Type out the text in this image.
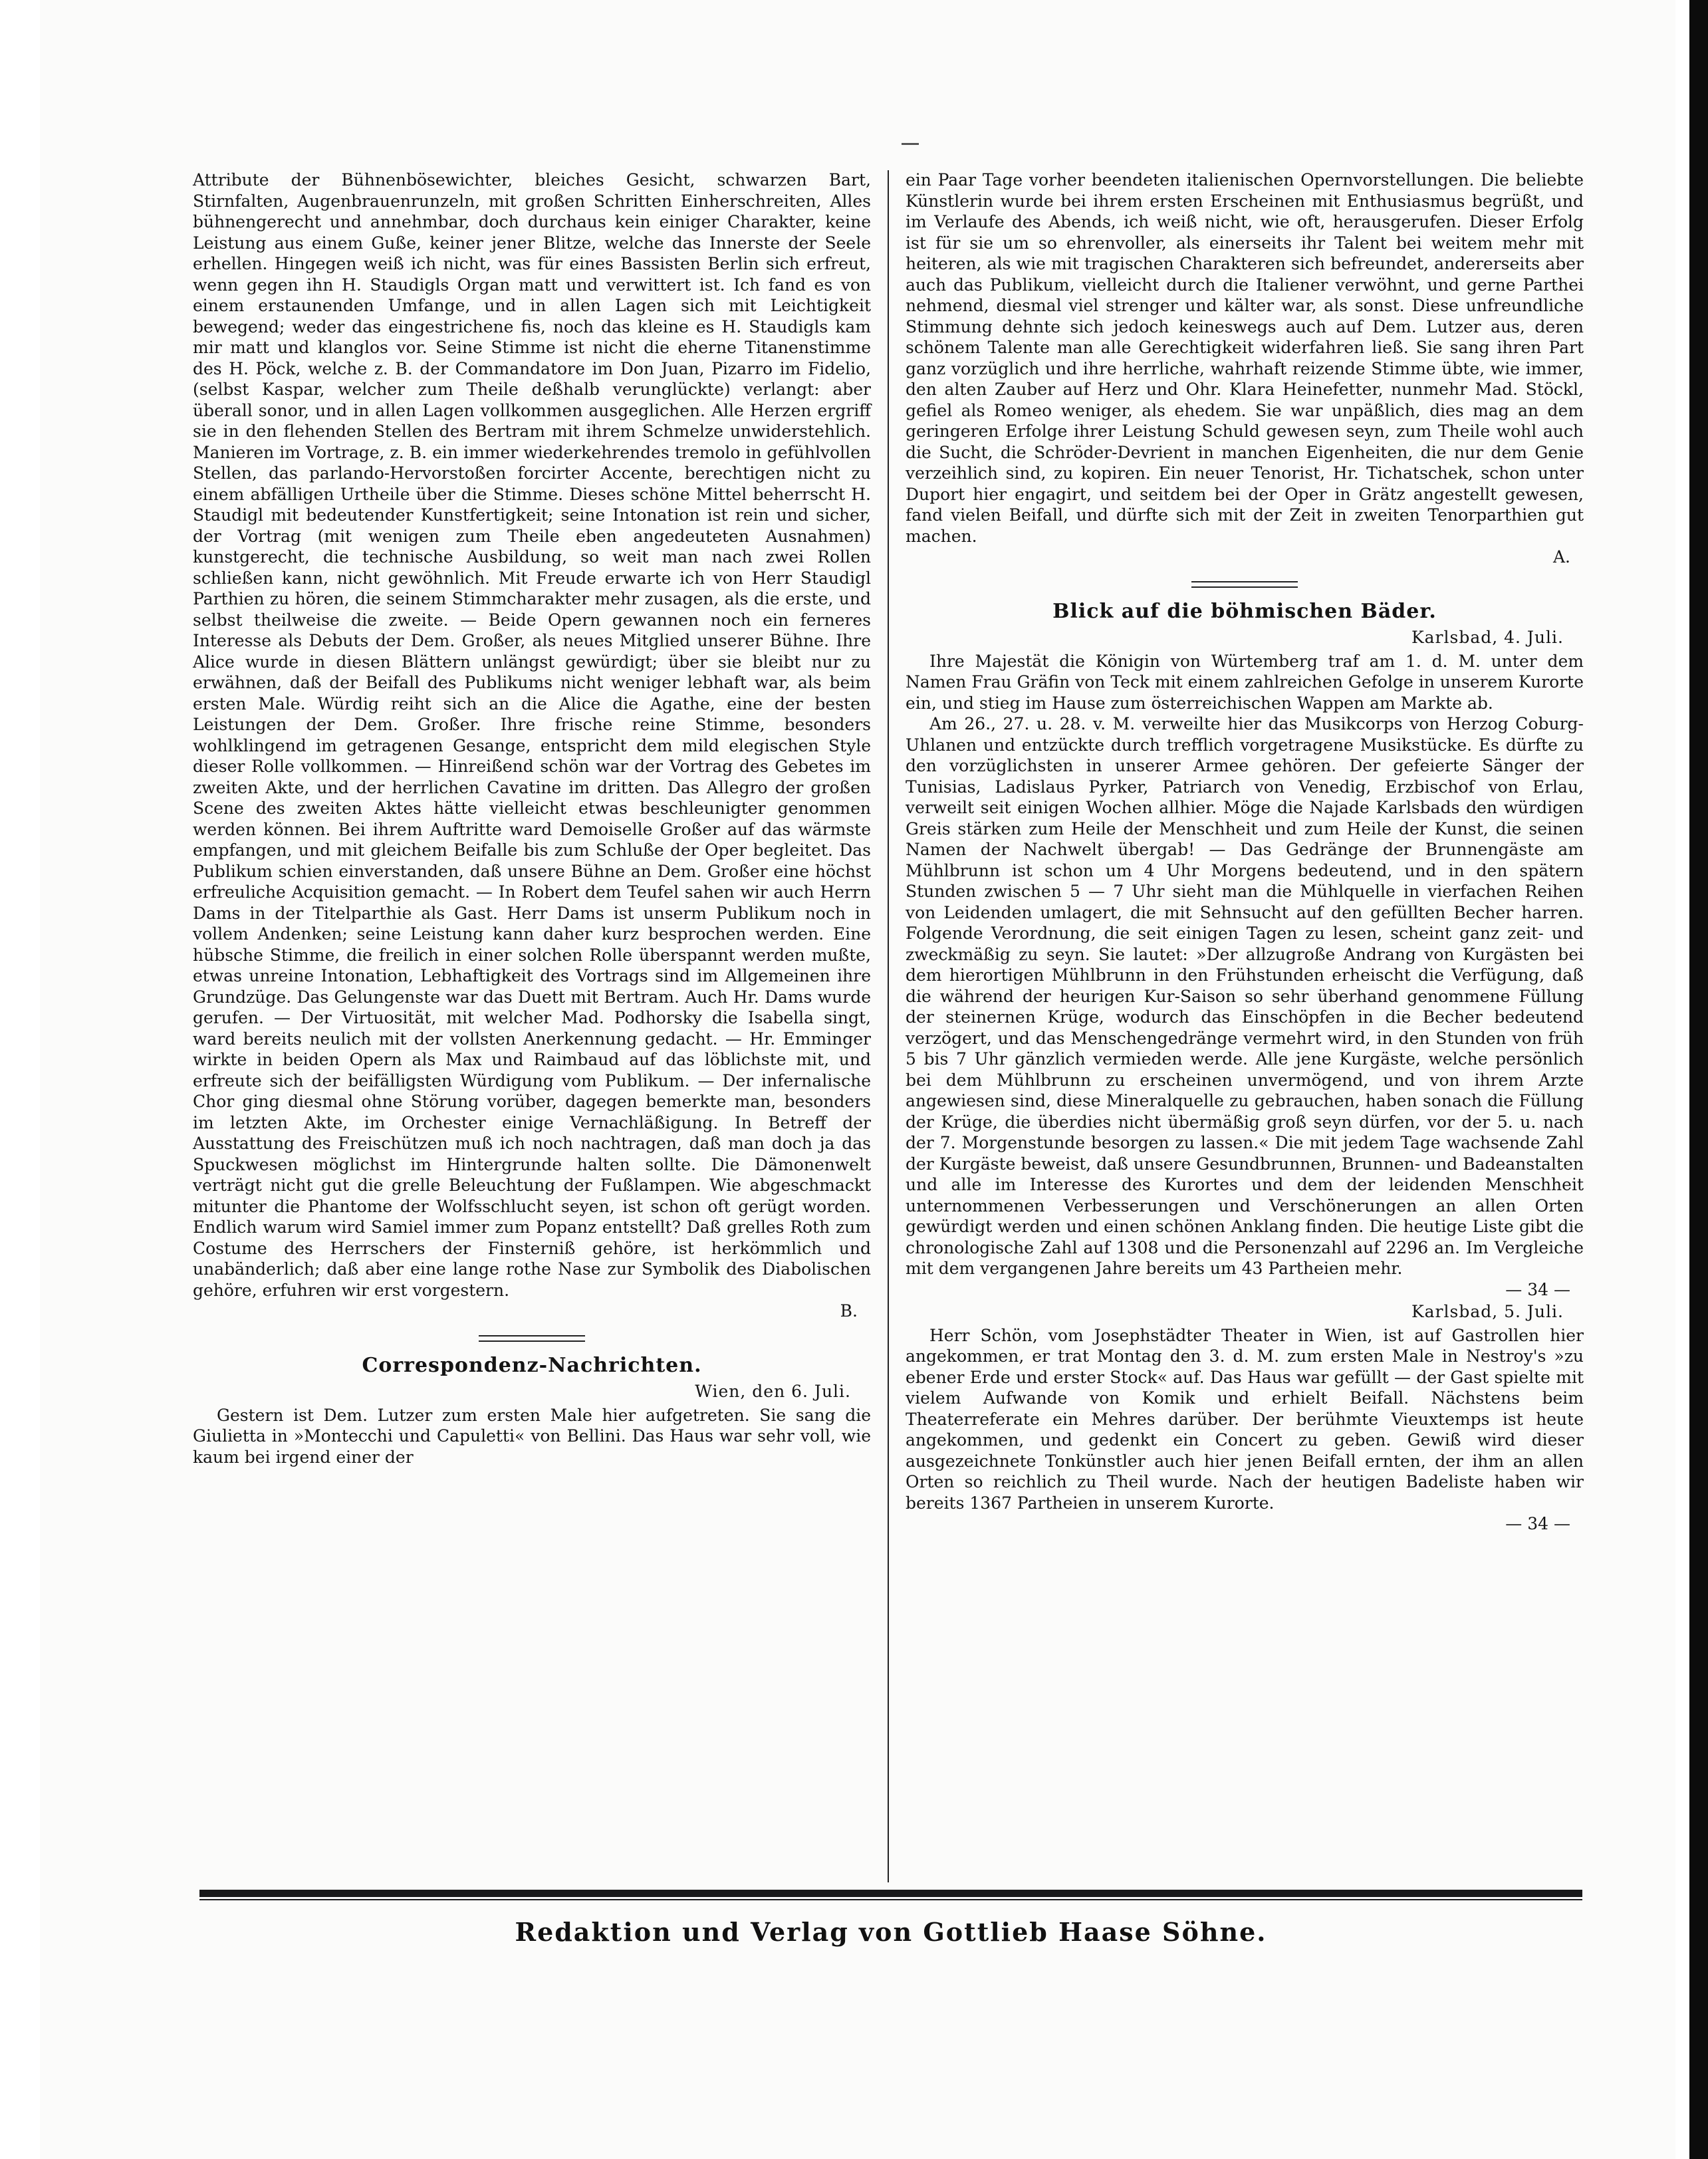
Attribute der Bühnenbösewichter, bleiches Gesicht, schwarzen Bart, Stirnfalten, Augenbrauenrunzeln, mit großen Schritten Einherschreiten, Alles bühnengerecht und annehmbar, doch durchaus kein einiger Charakter, keine Leistung aus einem Guße, keiner jener Blitze, welche das Innerste der Seele erhellen. Hingegen weiß ich nicht, was für eines Bassisten Berlin sich erfreut, wenn gegen ihn H. Staudigls Organ matt und verwittert ist. Ich fand es von einem erstaunenden Umfange, und in allen Lagen sich mit Leichtigkeit bewegend; weder das eingestrichene fis, noch das kleine es H. Staudigls kam mir matt und klanglos vor. Seine Stimme ist nicht die eherne Titanenstimme des H. Pöck, welche z. B. der Commandatore im Don Juan, Pizarro im Fidelio, (selbst Kaspar, welcher zum Theile deßhalb verunglückte) verlangt: aber überall sonor, und in allen Lagen vollkommen ausgeglichen. Alle Herzen ergriff sie in den flehenden Stellen des Bertram mit ihrem Schmelze unwiderstehlich. Manieren im Vortrage, z. B. ein immer wiederkehrendes tremolo in gefühlvollen Stellen, das parlando-Hervorstoßen forcirter Accente, berechtigen nicht zu einem abfälligen Urtheile über die Stimme. Dieses schöne Mittel beherrscht H. Staudigl mit bedeutender Kunstfertigkeit; seine Intonation ist rein und sicher, der Vortrag (mit wenigen zum Theile eben angedeuteten Ausnahmen) kunstgerecht, die technische Ausbildung, so weit man nach zwei Rollen schließen kann, nicht gewöhnlich. Mit Freude erwarte ich von Herr Staudigl Parthien zu hören, die seinem Stimmcharakter mehr zusagen, als die erste, und selbst theilweise die zweite. — Beide Opern gewannen noch ein ferneres Interesse als Debuts der Dem. Großer, als neues Mitglied unserer Bühne. Ihre Alice wurde in diesen Blättern unlängst gewürdigt; über sie bleibt nur zu erwähnen, daß der Beifall des Publikums nicht weniger lebhaft war, als beim ersten Male. Würdig reiht sich an die Alice die Agathe, eine der besten Leistungen der Dem. Großer. Ihre frische reine Stimme, besonders wohlklingend im getragenen Gesange, entspricht dem mild elegischen Style dieser Rolle vollkommen. — Hinreißend schön war der Vortrag des Gebetes im zweiten Akte, und der herrlichen Cavatine im dritten. Das Allegro der großen Scene des zweiten Aktes hätte vielleicht etwas beschleunigter genommen werden können. Bei ihrem Auftritte ward Demoiselle Großer auf das wärmste empfangen, und mit gleichem Beifalle bis zum Schluße der Oper begleitet. Das Publikum schien einverstanden, daß unsere Bühne an Dem. Großer eine höchst erfreuliche Acquisition gemacht. — In Robert dem Teufel sahen wir auch Herrn Dams in der Titelparthie als Gast. Herr Dams ist unserm Publikum noch in vollem Andenken; seine Leistung kann daher kurz besprochen werden. Eine hübsche Stimme, die freilich in einer solchen Rolle überspannt werden mußte, etwas unreine Intonation, Lebhaftigkeit des Vortrags sind im Allgemeinen ihre Grundzüge. Das Gelungenste war das Duett mit Bertram. Auch Hr. Dams wurde gerufen. — Der Virtuosität, mit welcher Mad. Podhorsky die Isabella singt, ward bereits neulich mit der vollsten Anerkennung gedacht. — Hr. Emminger wirkte in beiden Opern als Max und Raimbaud auf das löblichste mit, und erfreute sich der beifälligsten Würdigung vom Publikum. — Der infernalische Chor ging diesmal ohne Störung vorüber, dagegen bemerkte man, besonders im letzten Akte, im Orchester einige Vernachläßigung. In Betreff der Ausstattung des Freischützen muß ich noch nachtragen, daß man doch ja das Spuckwesen möglichst im Hintergrunde halten sollte. Die Dämonenwelt verträgt nicht gut die grelle Beleuchtung der Fußlampen. Wie abgeschmackt mitunter die Phantome der Wolfsschlucht seyen, ist schon oft gerügt worden. Endlich warum wird Samiel immer zum Popanz entstellt? Daß grelles Roth zum Costume des Herrschers der Finsterniß gehöre, ist herkömmlich und unabänderlich; daß aber eine lange rothe Nase zur Symbolik des Diabolischen gehöre, erfuhren wir erst vorgestern.

B.

Correspondenz-Nachrichten.
Wien, den 6. Juli.

Gestern ist Dem. Lutzer zum ersten Male hier aufgetreten. Sie sang die Giulietta in »Montecchi und Capuletti« von Bellini. Das Haus war sehr voll, wie kaum bei irgend einer der

ein Paar Tage vorher beendeten italienischen Opernvorstellungen. Die beliebte Künstlerin wurde bei ihrem ersten Erscheinen mit Enthusiasmus begrüßt, und im Verlaufe des Abends, ich weiß nicht, wie oft, herausgerufen. Dieser Erfolg ist für sie um so ehrenvoller, als einerseits ihr Talent bei weitem mehr mit heiteren, als wie mit tragischen Charakteren sich befreundet, andererseits aber auch das Publikum, vielleicht durch die Italiener verwöhnt, und gerne Parthei nehmend, diesmal viel strenger und kälter war, als sonst. Diese unfreundliche Stimmung dehnte sich jedoch keineswegs auch auf Dem. Lutzer aus, deren schönem Talente man alle Gerechtigkeit widerfahren ließ. Sie sang ihren Part ganz vorzüglich und ihre herrliche, wahrhaft reizende Stimme übte, wie immer, den alten Zauber auf Herz und Ohr. Klara Heinefetter, nunmehr Mad. Stöckl, gefiel als Romeo weniger, als ehedem. Sie war unpäßlich, dies mag an dem geringeren Erfolge ihrer Leistung Schuld gewesen seyn, zum Theile wohl auch die Sucht, die Schröder-Devrient in manchen Eigenheiten, die nur dem Genie verzeihlich sind, zu kopiren. Ein neuer Tenorist, Hr. Tichatschek, schon unter Duport hier engagirt, und seitdem bei der Oper in Grätz angestellt gewesen, fand vielen Beifall, und dürfte sich mit der Zeit in zweiten Tenorparthien gut machen.

A.

Blick auf die böhmischen Bäder.
Karlsbad, 4. Juli.

Ihre Majestät die Königin von Würtemberg traf am 1. d. M. unter dem Namen Frau Gräfin von Teck mit einem zahlreichen Gefolge in unserem Kurorte ein, und stieg im Hause zum österreichischen Wappen am Markte ab.

Am 26., 27. u. 28. v. M. verweilte hier das Musikcorps von Herzog Coburg-Uhlanen und entzückte durch trefflich vorgetragene Musikstücke. Es dürfte zu den vorzüglichsten in unserer Armee gehören. Der gefeierte Sänger der Tunisias, Ladislaus Pyrker, Patriarch von Venedig, Erzbischof von Erlau, verweilt seit einigen Wochen allhier. Möge die Najade Karlsbads den würdigen Greis stärken zum Heile der Menschheit und zum Heile der Kunst, die seinen Namen der Nachwelt übergab! — Das Gedränge der Brunnengäste am Mühlbrunn ist schon um 4 Uhr Morgens bedeutend, und in den spätern Stunden zwischen 5 — 7 Uhr sieht man die Mühlquelle in vierfachen Reihen von Leidenden umlagert, die mit Sehnsucht auf den gefüllten Becher harren. Folgende Verordnung, die seit einigen Tagen zu lesen, scheint ganz zeit- und zweckmäßig zu seyn. Sie lautet: »Der allzugroße Andrang von Kurgästen bei dem hierortigen Mühlbrunn in den Frühstunden erheischt die Verfügung, daß die während der heurigen Kur-Saison so sehr überhand genommene Füllung der steinernen Krüge, wodurch das Einschöpfen in die Becher bedeutend verzögert, und das Menschengedränge vermehrt wird, in den Stunden von früh 5 bis 7 Uhr gänzlich vermieden werde. Alle jene Kurgäste, welche persönlich bei dem Mühlbrunn zu erscheinen unvermögend, und von ihrem Arzte angewiesen sind, diese Mineralquelle zu gebrauchen, haben sonach die Füllung der Krüge, die überdies nicht übermäßig groß seyn dürfen, vor der 5. u. nach der 7. Morgenstunde besorgen zu lassen.« Die mit jedem Tage wachsende Zahl der Kurgäste beweist, daß unsere Gesundbrunnen, Brunnen- und Badeanstalten und alle im Interesse des Kurortes und dem der leidenden Menschheit unternommenen Verbesserungen und Verschönerungen an allen Orten gewürdigt werden und einen schönen Anklang finden. Die heutige Liste gibt die chronologische Zahl auf 1308 und die Personenzahl auf 2296 an. Im Vergleiche mit dem vergangenen Jahre bereits um 43 Partheien mehr.

— 34 —

Karlsbad, 5. Juli.

Herr Schön, vom Josephstädter Theater in Wien, ist auf Gastrollen hier angekommen, er trat Montag den 3. d. M. zum ersten Male in Nestroy's »zu ebener Erde und erster Stock« auf. Das Haus war gefüllt — der Gast spielte mit vielem Aufwande von Komik und erhielt Beifall. Nächstens beim Theaterreferate ein Mehres darüber. Der berühmte Vieuxtemps ist heute angekommen, und gedenkt ein Concert zu geben. Gewiß wird dieser ausgezeichnete Tonkünstler auch hier jenen Beifall ernten, der ihm an allen Orten so reichlich zu Theil wurde. Nach der heutigen Badeliste haben wir bereits 1367 Partheien in unserem Kurorte.

— 34 —

Redaktion und Verlag von Gottlieb Haase Söhne.
